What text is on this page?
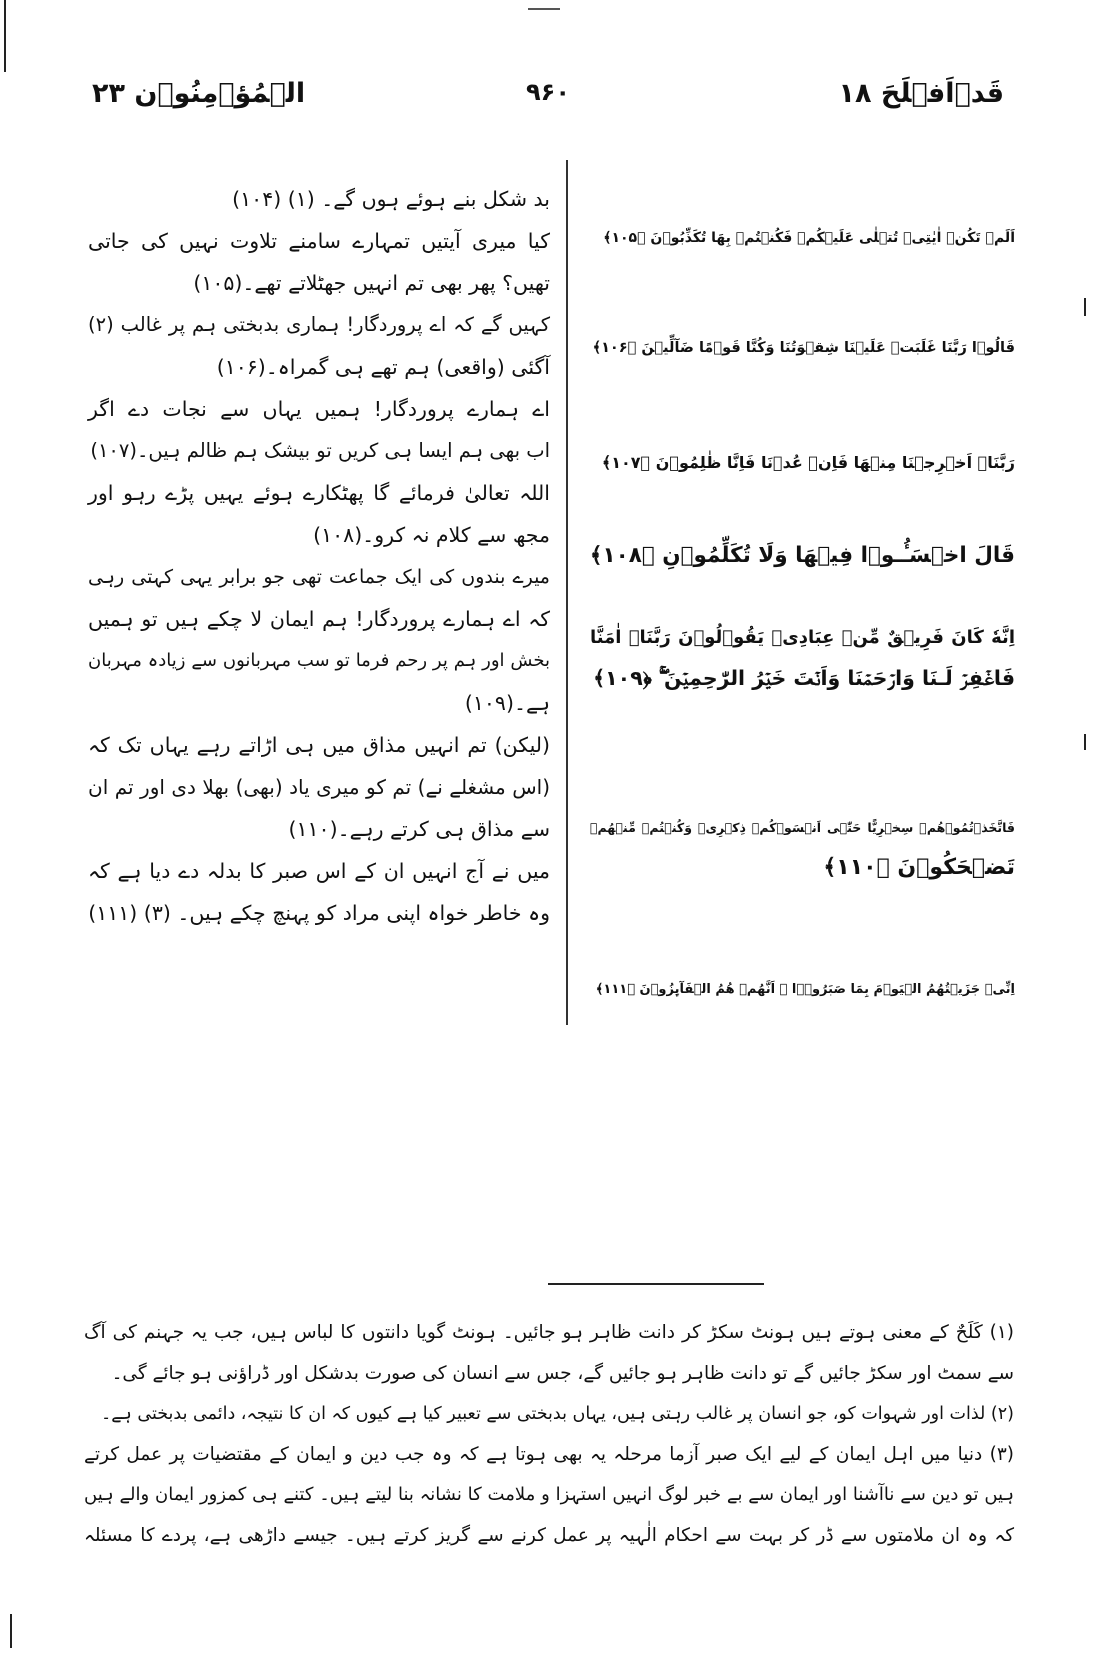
قَدۡاَفۡلَحَ ۱۸
۹۶۰
الۡمُؤۡمِنُوۡن ۲۳
بد شکل بنے ہوئے ہوں گے۔ (۱) (۱۰۴)
کیا میری آیتیں تمہارے سامنے تلاوت نہیں کی جاتی
تھیں؟ پھر بھی تم انہیں جھٹلاتے تھے۔(۱۰۵)
کہیں گے کہ اے پروردگار! ہماری بدبختی ہم پر غالب (۲)
آگئی (واقعی) ہم تھے ہی گمراہ۔(۱۰۶)
اے ہمارے پروردگار! ہمیں یہاں سے نجات دے اگر
اب بھی ہم ایسا ہی کریں تو بیشک ہم ظالم ہیں۔(۱۰۷)
اللہ تعالیٰ فرمائے گا پھٹکارے ہوئے یہیں پڑے رہو اور
مجھ سے کلام نہ کرو۔(۱۰۸)
میرے بندوں کی ایک جماعت تھی جو برابر یہی کہتی رہی
کہ اے ہمارے پروردگار! ہم ایمان لا چکے ہیں تو ہمیں
بخش اور ہم پر رحم فرما تو سب مہربانوں سے زیادہ مہربان
ہے۔(۱۰۹)
(لیکن) تم انہیں مذاق میں ہی اڑاتے رہے یہاں تک کہ
(اس مشغلے نے) تم کو میری یاد (بھی) بھلا دی اور تم ان
سے مذاق ہی کرتے رہے۔(۱۱۰)
میں نے آج انہیں ان کے اس صبر کا بدلہ دے دیا ہے کہ
وہ خاطر خواہ اپنی مراد کو پہنچ چکے ہیں۔ (۳) (۱۱۱)
اَلَمۡ تَكُنۡ اٰيٰتِىۡ تُتۡلٰى عَلَيۡكُمۡ فَكُنۡتُمۡ بِهَا تُكَذِّبُوۡنَ ﴿۱۰۵﴾
قَالُوۡا رَبَّنَا غَلَبَتۡ عَلَيۡنَا شِقۡوَتُنَا وَكُنَّا قَوۡمًا ضَآلِّيۡنَ ﴿۱۰۶﴾
رَبَّنَاۤ اَخۡرِجۡنَا مِنۡهَا فَاِنۡ عُدۡنَا فَاِنَّا ظٰلِمُوۡنَ ﴿۱۰۷﴾
قَالَ اخۡسَـُٔـوۡا فِيۡهَا وَلَا تُكَلِّمُوۡنِ ﴿۱۰۸﴾
اِنَّهٗ كَانَ فَرِيۡقٌ مِّنۡ عِبَادِىۡ يَقُوۡلُوۡنَ رَبَّنَاۤ اٰمَنَّا
فَاغۡفِرۡ لَـنَا وَارۡحَمۡنَا وَاَنۡتَ خَيۡرُ الرّٰحِمِيۡنَ ۚۖ ﴿۱۰۹﴾
فَاتَّخَذۡتُمُوۡهُمۡ سِخۡرِيًّا حَتّٰۤى اَنۡسَوۡكُمۡ ذِكۡرِىۡ وَكُنۡتُمۡ مِّنۡهُمۡ
تَضۡحَكُوۡنَ ﴿۱۱۰﴾
اِنِّىۡ جَزَيۡتُهُمُ الۡيَوۡمَ بِمَا صَبَرُوۡۤا ۙ اَنَّهُمۡ هُمُ الۡفَآٮِٕزُوۡنَ ﴿۱۱۱﴾
(۱) کَلَحٌ کے معنی ہوتے ہیں ہونٹ سکڑ کر دانت ظاہر ہو جائیں۔ ہونٹ گویا دانتوں کا لباس ہیں، جب یہ جہنم کی آگ
سے سمٹ اور سکڑ جائیں گے تو دانت ظاہر ہو جائیں گے، جس سے انسان کی صورت بدشکل اور ڈراؤنی ہو جائے گی۔
(۲) لذات اور شہوات کو، جو انسان پر غالب رہتی ہیں، یہاں بدبختی سے تعبیر کیا ہے کیوں کہ ان کا نتیجہ، دائمی بدبختی ہے۔
(۳) دنیا میں اہل ایمان کے لیے ایک صبر آزما مرحلہ یہ بھی ہوتا ہے کہ وہ جب دین و ایمان کے مقتضیات پر عمل کرتے
ہیں تو دین سے ناآشنا اور ایمان سے بے خبر لوگ انہیں استہزا و ملامت کا نشانہ بنا لیتے ہیں۔ کتنے ہی کمزور ایمان والے ہیں
کہ وہ ان ملامتوں سے ڈر کر بہت سے احکام الٰہیہ پر عمل کرنے سے گریز کرتے ہیں۔ جیسے داڑھی ہے، پردے کا مسئلہ
